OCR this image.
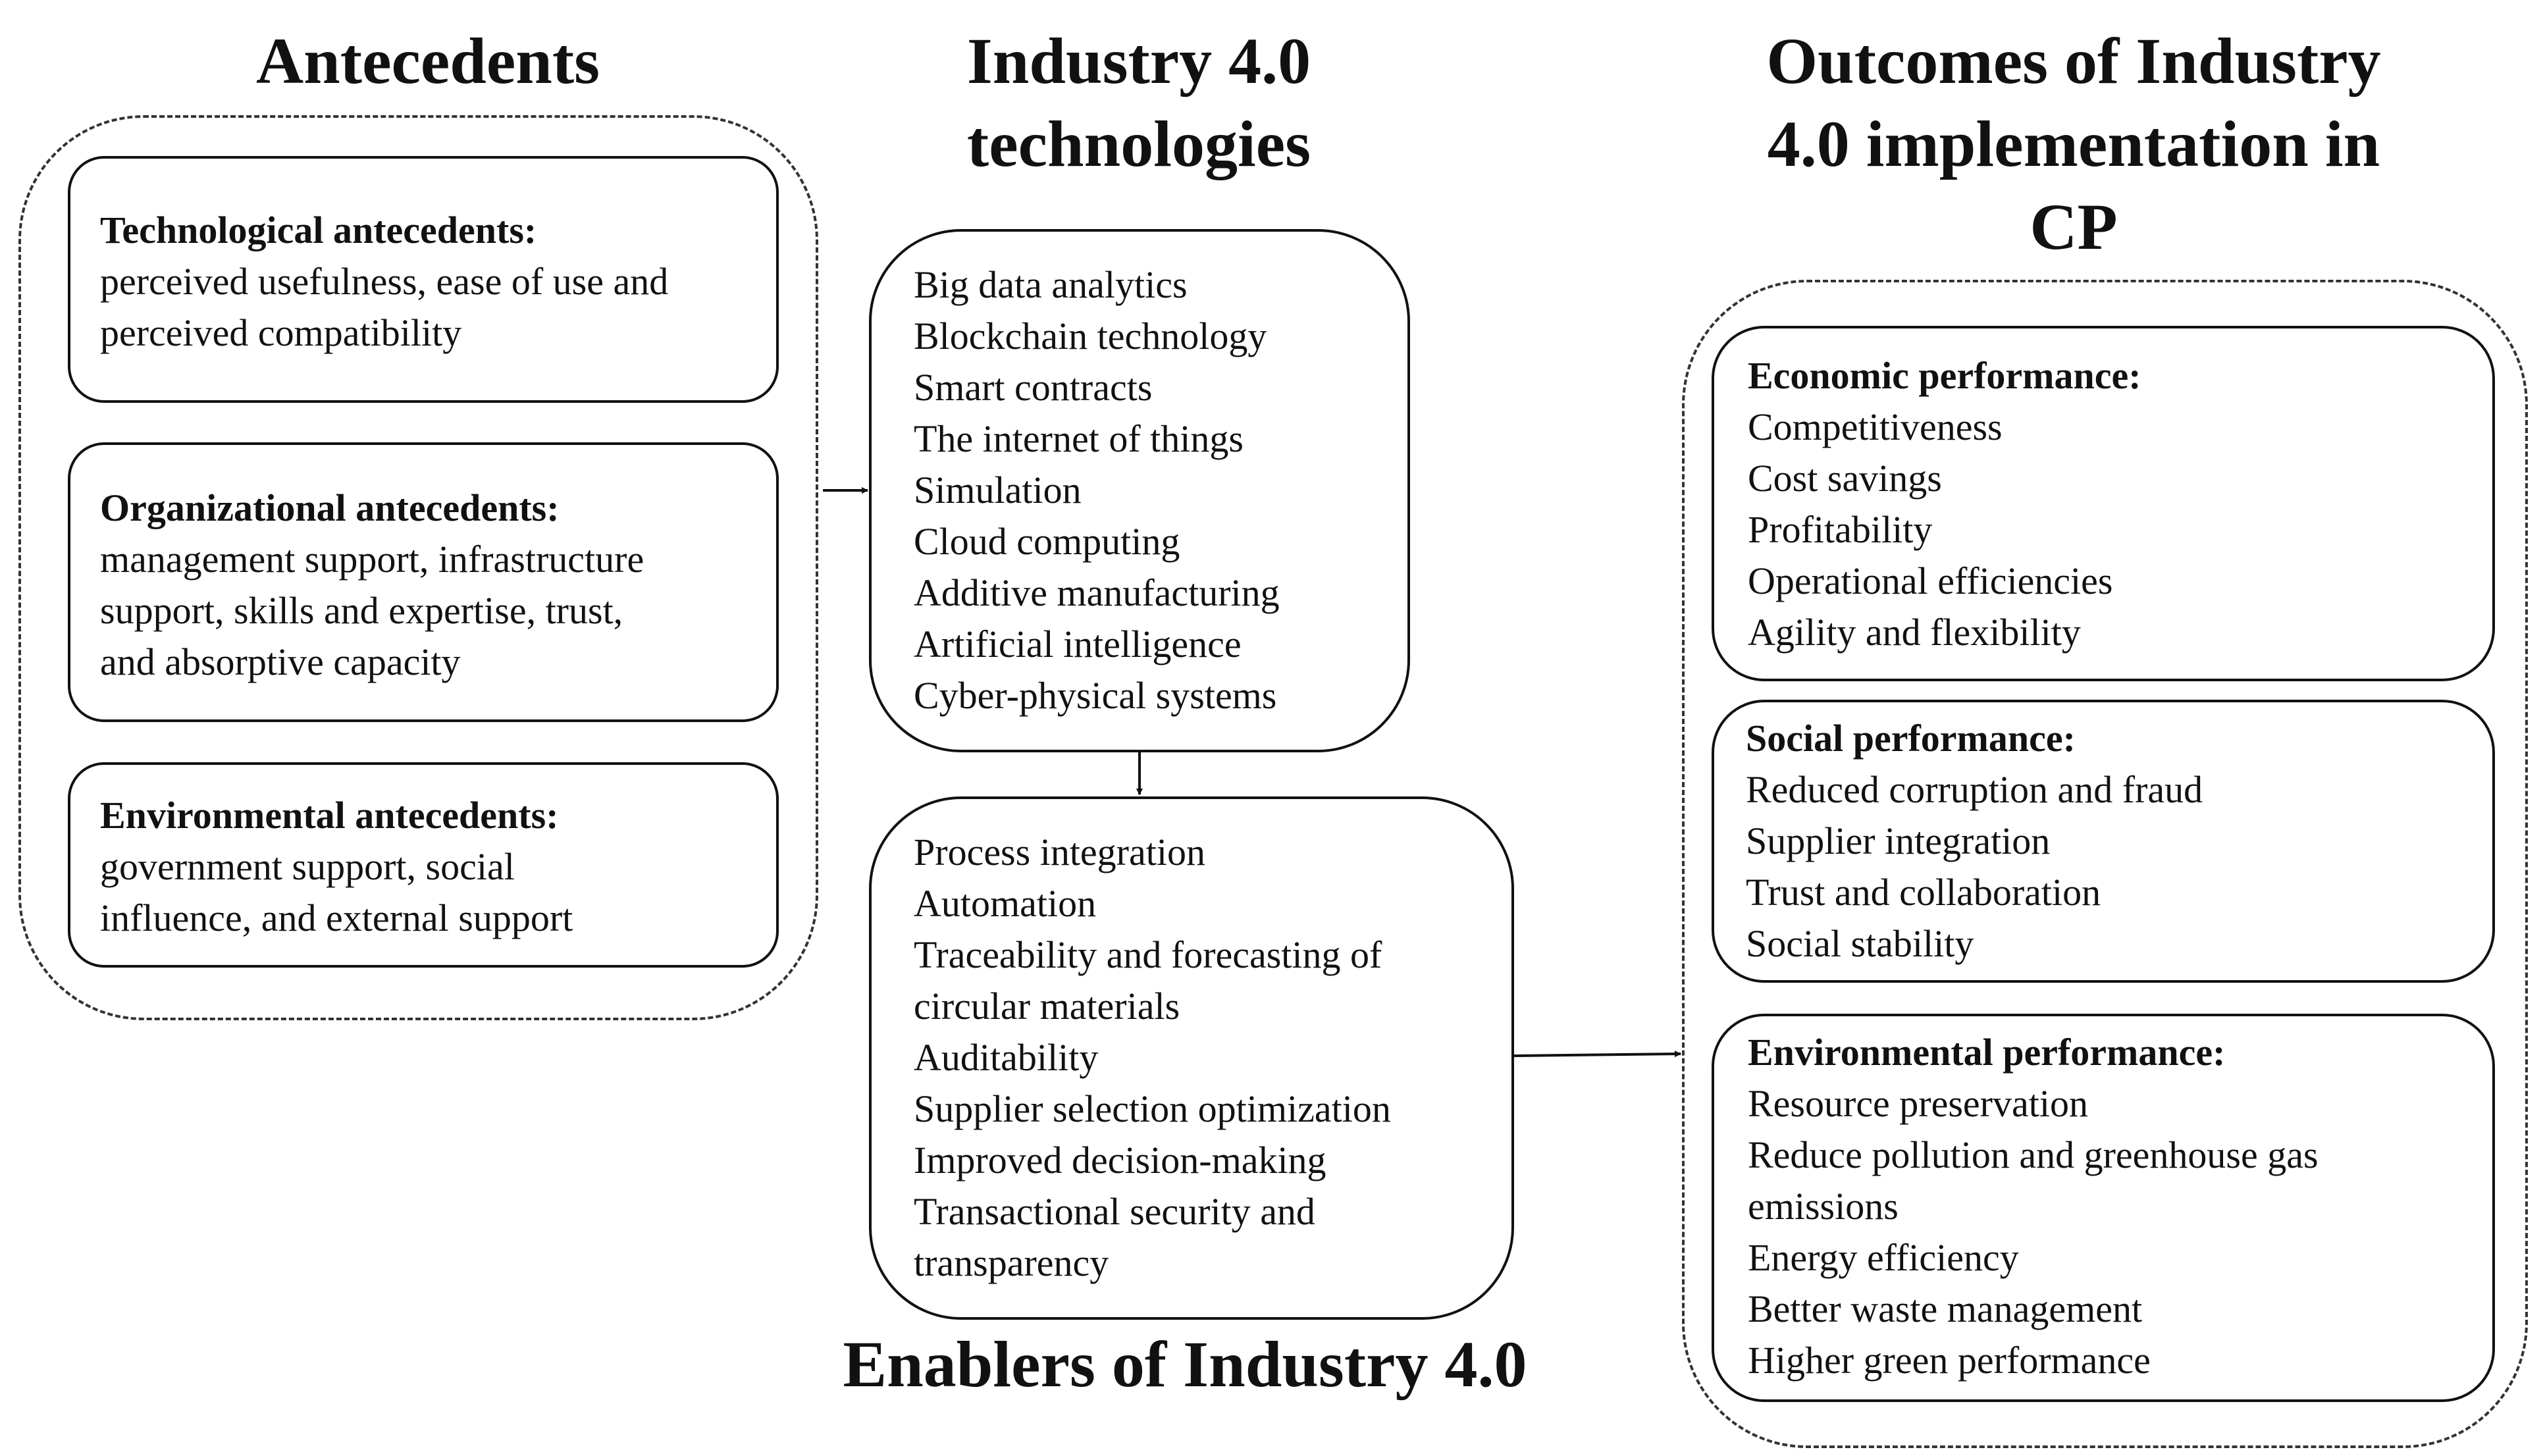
Antecedents	Industry 4.0
technologies
Outcomes of Industry
4.0 implementation in
CP
Enablers of Industry 4.0
Technological antecedents:
perceived usefulness, ease of use and
perceived compatibility
Organizational antecedents:
management support, infrastructure
support, skills and expertise, trust,
and absorptive capacity
Environmental antecedents:
government support, social
influence, and external support
Big data analytics
Blockchain technology
Smart contracts
The internet of things
Simulation
Cloud computing
Additive manufacturing
Artificial intelligence
Cyber-physical systems
Process integration
Automation
Traceability and forecasting of
circular materials
Auditability
Supplier selection optimization
Improved decision-making
Transactional security and
transparency
Economic performance:
Competitiveness
Cost savings
Profitability
Operational efficiencies
Agility and flexibility
Social performance:
Reduced corruption and fraud
Supplier integration
Trust and collaboration
Social stability
Environmental performance:
Resource preservation
Reduce pollution and greenhouse gas
emissions
Energy efficiency
Better waste management
Higher green performance
